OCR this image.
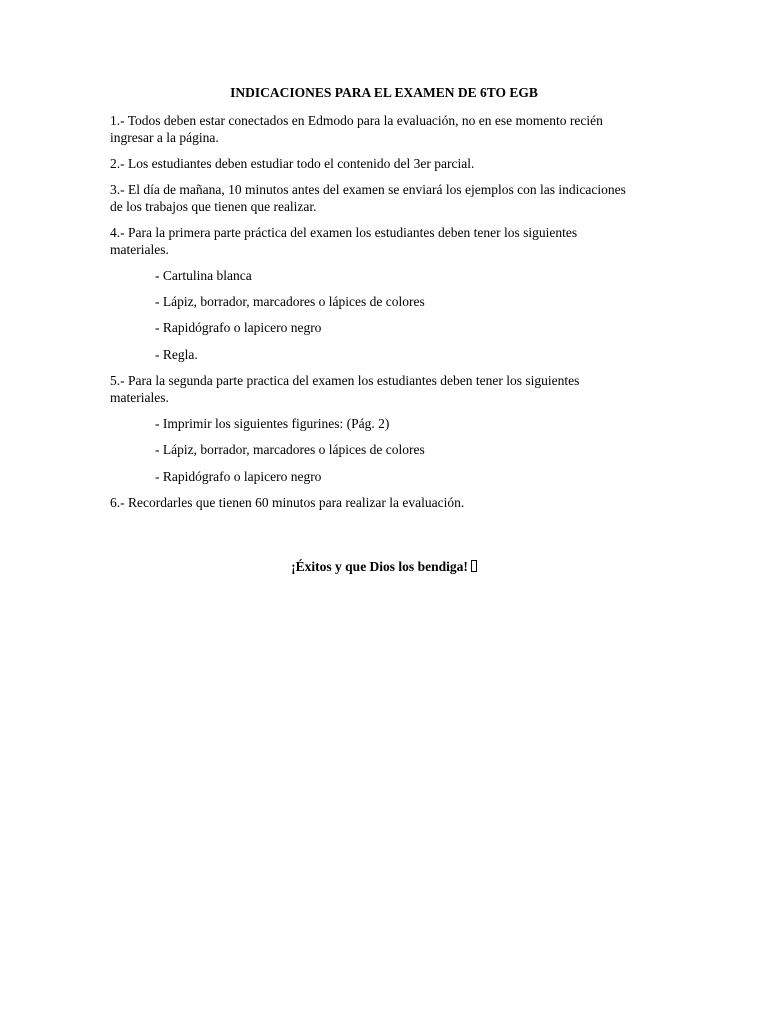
INDICACIONES PARA EL EXAMEN DE 6TO EGB
1.- Todos deben estar conectados en Edmodo para la evaluación, no en ese momento recién
ingresar a la página.
2.- Los estudiantes deben estudiar todo el contenido del 3er parcial.
3.- El día de mañana, 10 minutos antes del examen se enviará los ejemplos con las indicaciones
de los trabajos que tienen que realizar.
4.- Para la primera parte práctica del examen los estudiantes deben tener los siguientes
materiales.
- Cartulina blanca
- Lápiz, borrador, marcadores o lápices de colores
- Rapidógrafo o lapicero negro
- Regla.
5.- Para la segunda parte practica del examen los estudiantes deben tener los siguientes
materiales.
- Imprimir los siguientes figurines: (Pág. 2)
- Lápiz, borrador, marcadores o lápices de colores
- Rapidógrafo o lapicero negro
6.- Recordarles que tienen 60 minutos para realizar la evaluación.
¡Éxitos y que Dios los bendiga!
